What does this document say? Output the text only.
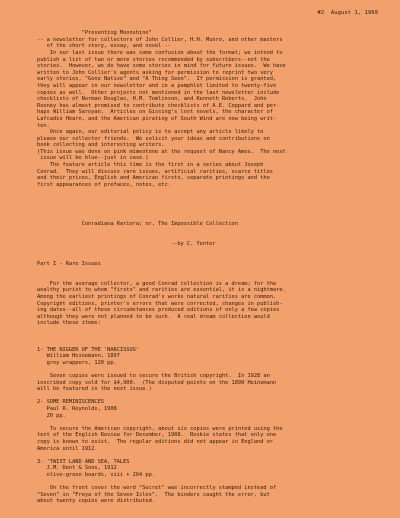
#2  August 1, 1969

"Presenting Moonshine"
-- a newsletter for collectors of John Collier, H.H. Munro, and other masters
of the short story, essay, and novel --
In our last issue there was some confusion about the format; we intend to
publish a list of two or more stories recommended by subscribers--not the
stories.  However, we do have some stories in mind for future issues.  We have
written to John Collier's agents asking for permission to reprint two very
early stories, "Gone Native" and "A Thing Seen".  If permission is granted,
they will appear in our newsletter and in a pamphlet limited to twenty-five
copies as well.  Other projects not mentioned in the last newsletter include
checklists of Norman Douglas, H.M. Tomlinson, and Kenneth Roberts.  John
Rooney has almost promised to contribute checklists of A.E. Coppard and per-
haps William Saroyan.  Articles on Gissing's lost novels, the character of
Lafcadio Hearn, and the American pirating of South Wind are now being writ-
ten.
Once again, our editorial policy is to accept any article likely to
please our collector friends.  We solicit your ideas and contributions on
book collecting and interesting writers.
(This issue was done on pink mimeotone at the request of Nancy Amos.  The next
issue will be blue--just in case.)
The feature article this time is the first in a series about Joseph
Conrad.  They will discuss rare issues, artificial rarities, scarce titles
and their prices, English and American firsts, separate printings and the
first appearances of prefaces, notes, etc.

Conradiana Rariora; or, The Impossible Collection

--by C. Yenter

Part I - Rare Issues

For the average collector, a good Conrad collection is a dream; for the
wealthy purist to whom "firsts" and rarities are essential, it is a nightmare.
Among the earliest printings of Conrad's works natural rarities are common.
Copyright editions, printer's errors that were corrected, changes in publish-
ing dates--all of these circumstances produced editions of only a few copies
although they were not planned to be such.  A real dream collection would
include these items:

1- THE NIGGER OF THE 'NARCISSUS'
William Heinemann, 1897
grey wrappers, 120 pp.
Seven copies were issued to secure the British copyright.  In 1928 an
inscribed copy sold for $4,900.  (The disputed points on the 1898 Heinemann
will be featured in the next issue.)
2- SOME REMINISCENCES
Paul R. Reynolds, 1908
20 pp.
To secure the American copyright, about six copies were printed using the
text of the English Review for December, 1908.  Roskie states that only one
copy is known to exist.  The regular editions did not appear in England or
America until 1912.
3- 'TWIXT LAND AND SEA, TALES
J.M. Dent & Sons, 1912
olive-green boards, viii + 264 pp.
On the front cover the word "Secret" was incorrectly stamped instead of
"Seven" in "Freya of the Seven Isles".  The binders caught the error, but
about twenty copies were distributed.
